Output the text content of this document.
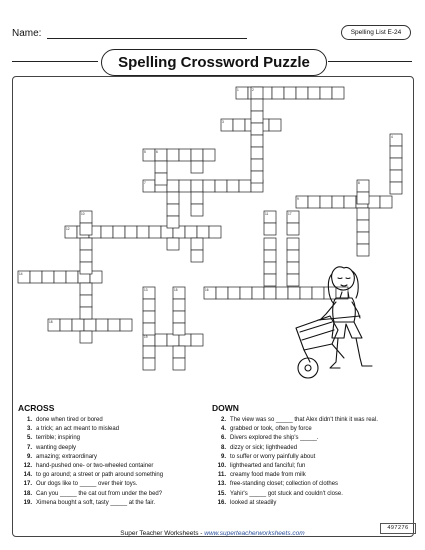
Name:	Spelling List E-24
Spelling Crossword Puzzle
1	2
3
4
5	6
7	8
9
10	11
12
13
14
15	16
17
18
19
ACROSS
1. done when tired or bored
3. a trick; an act meant to mislead
5. terrible; inspiring
7. wanting deeply
9. amazing; extraordinary
12. hand-pushed one- or two-wheeled container
14. to go around; a street or path around something
17. Our dogs like to _____ over their toys.
18. Can you _____ the cat out from under the bed?
19. Ximena bought a soft, tasty _____ at the fair.
DOWN
2. The view was so _____ that Alex didn't think it was real.
4. grabbed or took, often by force
6. Divers explored the ship's _____.
8. dizzy or sick; lightheaded
9. to suffer or worry painfully about
10. lighthearted and fanciful; fun
11. creamy food made from milk
13. free-standing closet; collection of clothes
15. Yahir's _____ got stuck and couldn't close.
16. looked at steadily
Super Teacher Worksheets - www.superteacherworksheets.com
497276
